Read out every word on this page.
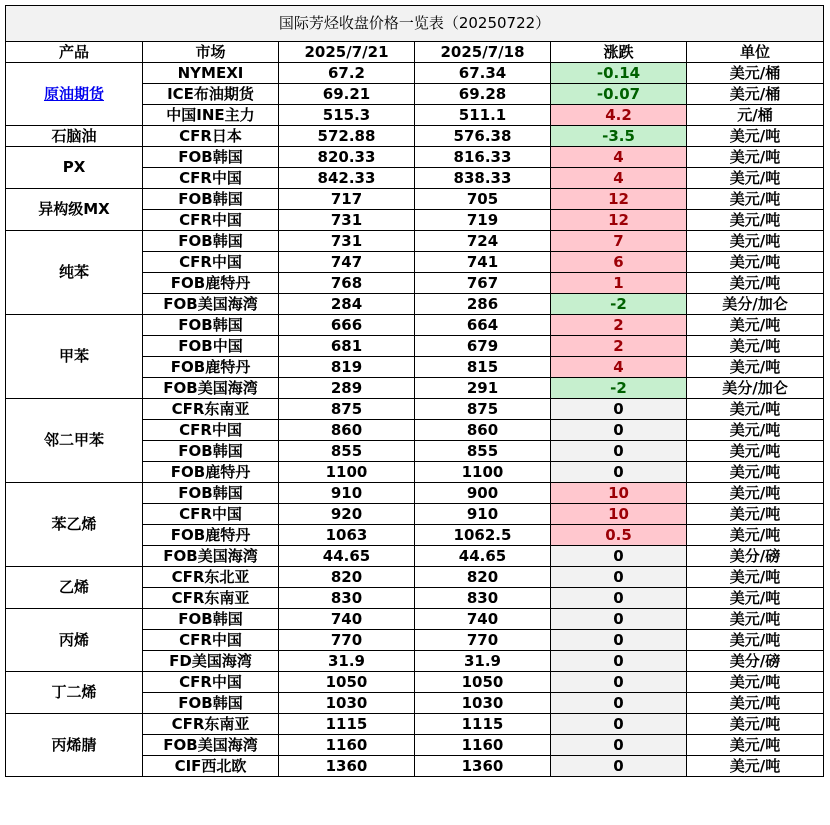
国际芳烃收盘价格一览表（20250722）					
产品	市场	2025/7/21	2025/7/18	涨跌	单位
原油期货	NYMEXI	67.2	67.34	-0.14	美元/桶
	ICE布油期货	69.21	69.28	-0.07	美元/桶
	中国INE主力	515.3	511.1	4.2	元/桶
石脑油	CFR日本	572.88	576.38	-3.5	美元/吨
PX	FOB韩国	820.33	816.33	4	美元/吨
	CFR中国	842.33	838.33	4	美元/吨
异构级MX	FOB韩国	717	705	12	美元/吨
	CFR中国	731	719	12	美元/吨
纯苯	FOB韩国	731	724	7	美元/吨
	CFR中国	747	741	6	美元/吨
	FOB鹿特丹	768	767	1	美元/吨
	FOB美国海湾	284	286	-2	美分/加仑
甲苯	FOB韩国	666	664	2	美元/吨
	FOB中国	681	679	2	美元/吨
	FOB鹿特丹	819	815	4	美元/吨
	FOB美国海湾	289	291	-2	美分/加仑
邻二甲苯	CFR东南亚	875	875	0	美元/吨
	CFR中国	860	860	0	美元/吨
	FOB韩国	855	855	0	美元/吨
	FOB鹿特丹	1100	1100	0	美元/吨
苯乙烯	FOB韩国	910	900	10	美元/吨
	CFR中国	920	910	10	美元/吨
	FOB鹿特丹	1063	1062.5	0.5	美元/吨
	FOB美国海湾	44.65	44.65	0	美分/磅
乙烯	CFR东北亚	820	820	0	美元/吨
	CFR东南亚	830	830	0	美元/吨
丙烯	FOB韩国	740	740	0	美元/吨
	CFR中国	770	770	0	美元/吨
	FD美国海湾	31.9	31.9	0	美分/磅
丁二烯	CFR中国	1050	1050	0	美元/吨
	FOB韩国	1030	1030	0	美元/吨
丙烯腈	CFR东南亚	1115	1115	0	美元/吨
	FOB美国海湾	1160	1160	0	美元/吨
	CIF西北欧	1360	1360	0	美元/吨
